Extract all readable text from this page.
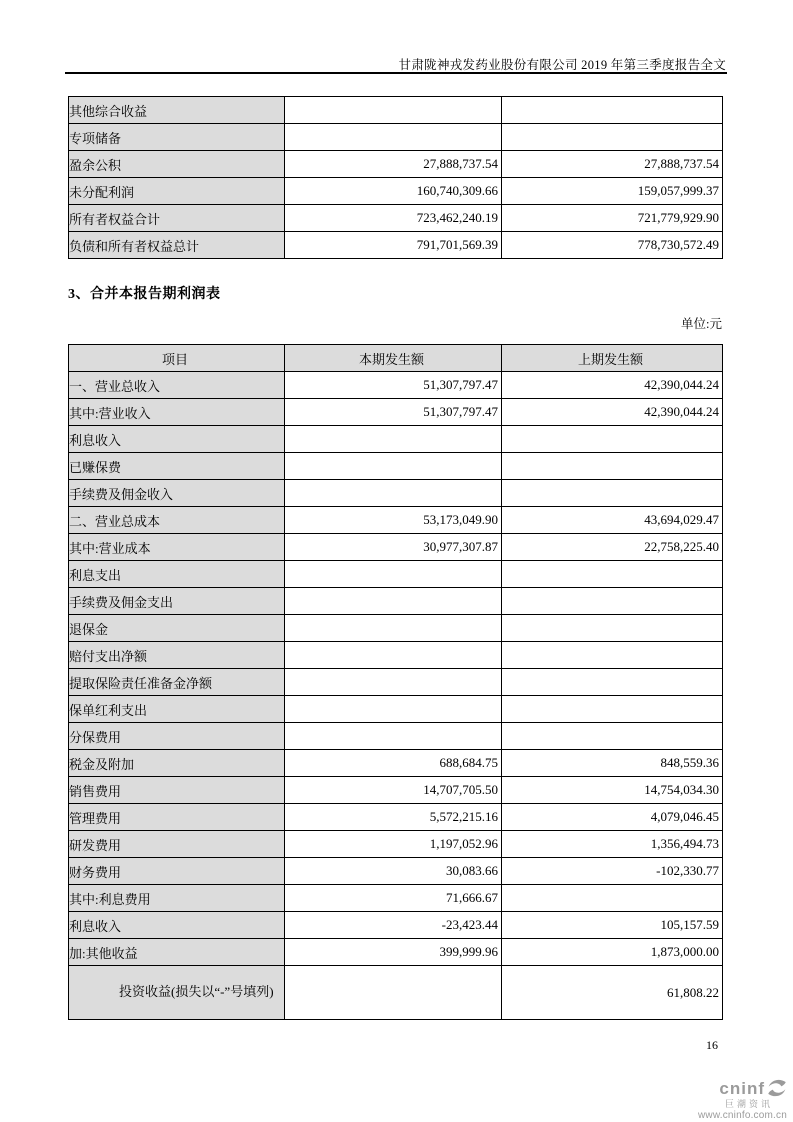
甘肃陇神戎发药业股份有限公司 2019 年第三季度报告全文
其他综合收益		
专项储备		
盈余公积	27,888,737.54	27,888,737.54
未分配利润	160,740,309.66	159,057,999.37
所有者权益合计	723,462,240.19	721,779,929.90
负债和所有者权益总计	791,701,569.39	778,730,572.49
3、合并本报告期利润表
单位:元
项目	本期发生额	上期发生额
一、营业总收入	51,307,797.47	42,390,044.24
其中:营业收入	51,307,797.47	42,390,044.24
利息收入		
已赚保费		
手续费及佣金收入		
二、营业总成本	53,173,049.90	43,694,029.47
其中:营业成本	30,977,307.87	22,758,225.40
利息支出		
手续费及佣金支出		
退保金		
赔付支出净额		
提取保险责任准备金净额		
保单红利支出		
分保费用		
税金及附加	688,684.75	848,559.36
销售费用	14,707,705.50	14,754,034.30
管理费用	5,572,215.16	4,079,046.45
研发费用	1,197,052.96	1,356,494.73
财务费用	30,083.66	-102,330.77
其中:利息费用	71,666.67	
利息收入	-23,423.44	105,157.59
加:其他收益	399,999.96	1,873,000.00
投资收益(损失以“-”号填列)		61,808.22
16
cninf
巨潮资讯
www.cninfo.com.cn
